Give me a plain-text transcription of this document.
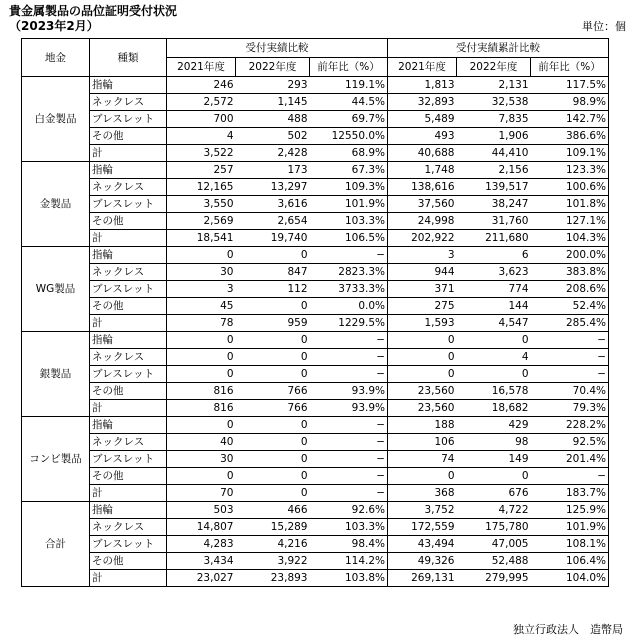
貴金属製品の品位証明受付状況
（2023年2月）	単位：個
地金	種類	受付実績比較			受付実績累計比較		
		2021年度	2022年度	前年比（%）	2021年度	2022年度	前年比（%）
白金製品	指輪	246	293	119.1%	1,813	2,131	117.5%
	ネックレス	2,572	1,145	44.5%	32,893	32,538	98.9%
	ブレスレット	700	488	69.7%	5,489	7,835	142.7%
	その他	4	502	12550.0%	493	1,906	386.6%
	計	3,522	2,428	68.9%	40,688	44,410	109.1%
金製品	指輪	257	173	67.3%	1,748	2,156	123.3%
	ネックレス	12,165	13,297	109.3%	138,616	139,517	100.6%
	ブレスレット	3,550	3,616	101.9%	37,560	38,247	101.8%
	その他	2,569	2,654	103.3%	24,998	31,760	127.1%
	計	18,541	19,740	106.5%	202,922	211,680	104.3%
WG製品	指輪	0	0	−	3	6	200.0%
	ネックレス	30	847	2823.3%	944	3,623	383.8%
	ブレスレット	3	112	3733.3%	371	774	208.6%
	その他	45	0	0.0%	275	144	52.4%
	計	78	959	1229.5%	1,593	4,547	285.4%
銀製品	指輪	0	0	−	0	0	−
	ネックレス	0	0	−	0	4	−
	ブレスレット	0	0	−	0	0	−
	その他	816	766	93.9%	23,560	16,578	70.4%
	計	816	766	93.9%	23,560	18,682	79.3%
コンビ製品	指輪	0	0	−	188	429	228.2%
	ネックレス	40	0	−	106	98	92.5%
	ブレスレット	30	0	−	74	149	201.4%
	その他	0	0	−	0	0	−
	計	70	0	−	368	676	183.7%
合計	指輪	503	466	92.6%	3,752	4,722	125.9%
	ネックレス	14,807	15,289	103.3%	172,559	175,780	101.9%
	ブレスレット	4,283	4,216	98.4%	43,494	47,005	108.1%
	その他	3,434	3,922	114.2%	49,326	52,488	106.4%
	計	23,027	23,893	103.8%	269,131	279,995	104.0%
独立行政法人　造幣局
